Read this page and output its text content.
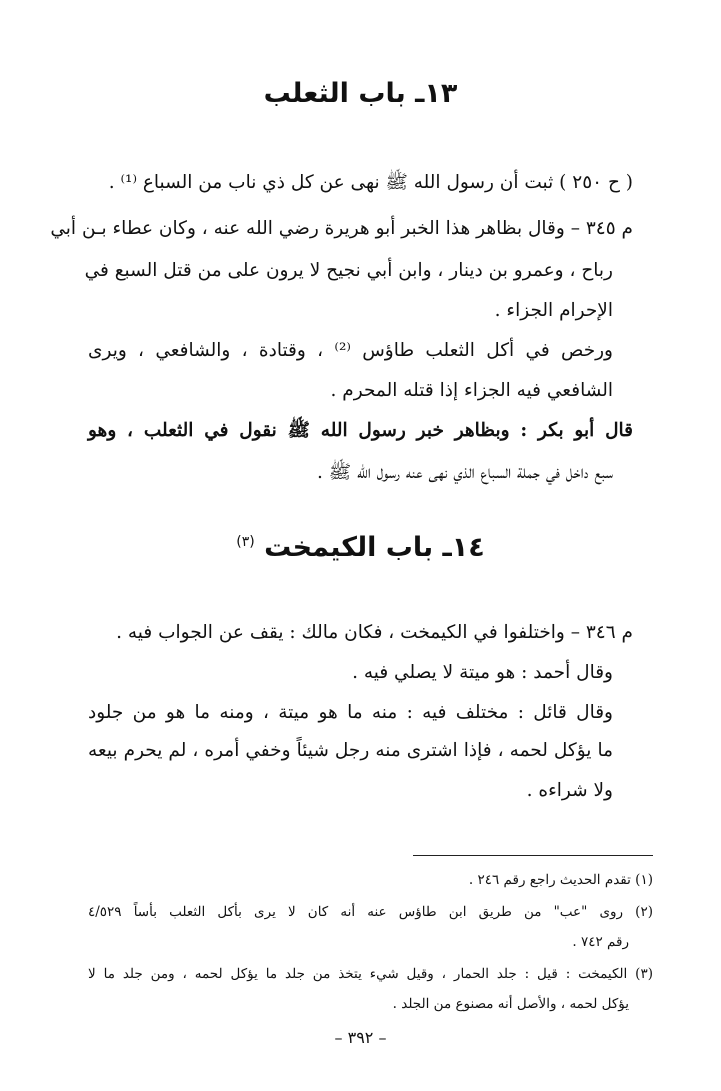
١٣ـ باب الثعلب
( ح ٢٥٠ ) ثبت أن رسول الله ﷺ نهى عن كل ذي ناب من السباع ⁽¹⁾ .
م ٣٤٥ – وقال بظاهر هذا الخبر أبو هريرة رضي الله عنه ، وكان عطاء بـن أبي
رباح ، وعمرو بن دينار ، وابن أبي نجيح لا يرون على من قتل السبع في
الإحرام الجزاء .
ورخص في أكل الثعلب طاؤس ⁽²⁾ ، وقتادة ، والشافعي ، ويرى
الشافعي فيه الجزاء إذا قتله المحرم .
قال أبو بكر : وبظاهر خبر رسول الله ﷺ نقول في الثعلب ، وهو
سبع داخل في جملة السباع الذي نهى عنه رسول الله ﷺ .
١٤ـ باب الكيمخت $^{(٣)}$
م ٣٤٦ – واختلفوا في الكيمخت ، فكان مالك : يقف عن الجواب فيه .
وقال أحمد : هو ميتة لا يصلي فيه .
وقال قائل : مختلف فيه : منه ما هو ميتة ، ومنه ما هو من جلود
ما يؤكل لحمه ، فإذا اشترى منه رجل شيئاً وخفي أمره ، لم يحرم بيعه
ولا شراءه .
(١) تقدم الحديث راجع رقم ٢٤٦ .
(٢) روى "عب" من طريق ابن طاؤس عنه أنه كان لا يرى بأكل الثعلب بأساً ٤/٥٢٩
رقم ٧٤٢ .
(٣) الكيمخت : قيل : جلد الحمار ، وقيل شيء يتخذ من جلد ما يؤكل لحمه ، ومن جلد ما لا
يؤكل لحمه ، والأصل أنه مصنوع من الجلد .
– ٣٩٢ –
